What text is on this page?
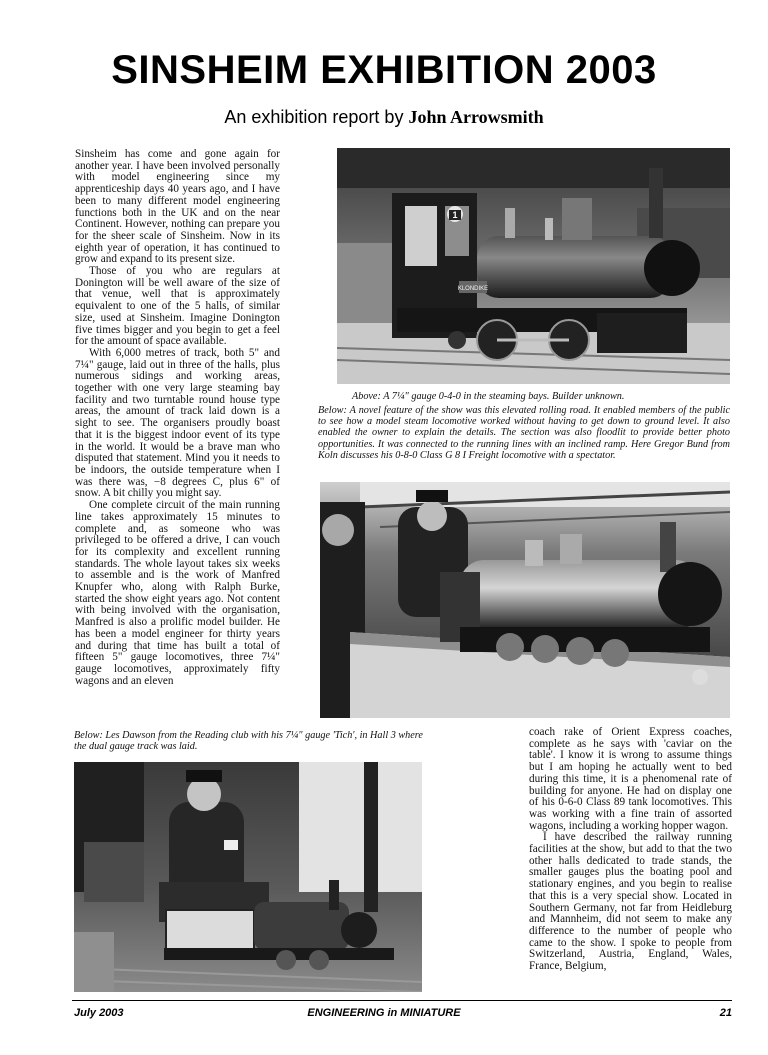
SINSHEIM EXHIBITION 2003
An exhibition report by John Arrowsmith

Sinsheim has come and gone again for another year. I have been involved personally with model engineering since my apprenticeship days 40 years ago, and I have been to many different model engineering functions both in the UK and on the near Continent. However, nothing can prepare you for the sheer scale of Sinsheim. Now in its eighth year of operation, it has continued to grow and expand to its present size.

Those of you who are regulars at Donington will be well aware of the size of that venue, well that is approximately equivalent to one of the 5 halls, of similar size, used at Sinsheim. Imagine Donington five times bigger and you begin to get a feel for the amount of space available.

With 6,000 metres of track, both 5" and 7¼" gauge, laid out in three of the halls, plus numerous sidings and working areas, together with one very large steaming bay facility and two turntable round house type areas, the amount of track laid down is a sight to see. The organisers proudly boast that it is the biggest indoor event of its type in the world. It would be a brave man who disputed that statement. Mind you it needs to be indoors, the outside temperature when I was there was, −8 degrees C, plus 6" of snow. A bit chilly you might say.

One complete circuit of the main running line takes approximately 15 minutes to complete and, as someone who was privileged to be offered a drive, I can vouch for its complexity and excellent running standards. The whole layout takes six weeks to assemble and is the work of Manfred Knupfer who, along with Ralph Burke, started the show eight years ago. Not content with being involved with the organisation, Manfred is also a prolific model builder. He has been a model engineer for thirty years and during that time has built a total of fifteen 5" gauge locomotives, three 7¼" gauge locomotives, approximately fifty wagons and an eleven

1
KLONDIKE
Above: A 7¼" gauge 0-4-0 in the steaming bays. Builder unknown.
Below: A novel feature of the show was this elevated rolling road. It enabled members of the public to see how a model steam locomotive worked without having to get down to ground level. It also enabled the owner to explain the details. The section was also floodlit to provide better photo opportunities. It was connected to the running lines with an inclined ramp. Here Gregor Bund from Koln discusses his 0-8-0 Class G 8 I Freight locomotive with a spectator.
Below: Les Dawson from the Reading club with his 7¼" gauge 'Tich', in Hall 3 where the dual gauge track was laid.

coach rake of Orient Express coaches, complete as he says with 'caviar on the table'. I know it is wrong to assume things but I am hoping he actually went to bed during this time, it is a phenomenal rate of building for anyone. He had on display one of his 0-6-0 Class 89 tank locomotives. This was working with a fine train of assorted wagons, including a working hopper wagon.

I have described the railway running facilities at the show, but add to that the two other halls dedicated to trade stands, the smaller gauges plus the boating pool and stationary engines, and you begin to realise that this is a very special show. Located in Southern Germany, not far from Heidleburg and Mannheim, did not seem to make any difference to the number of people who came to the show. I spoke to people from Switzerland, Austria, England, Wales, France, Belgium,

July 2003	ENGINEERING in MINIATURE	21
